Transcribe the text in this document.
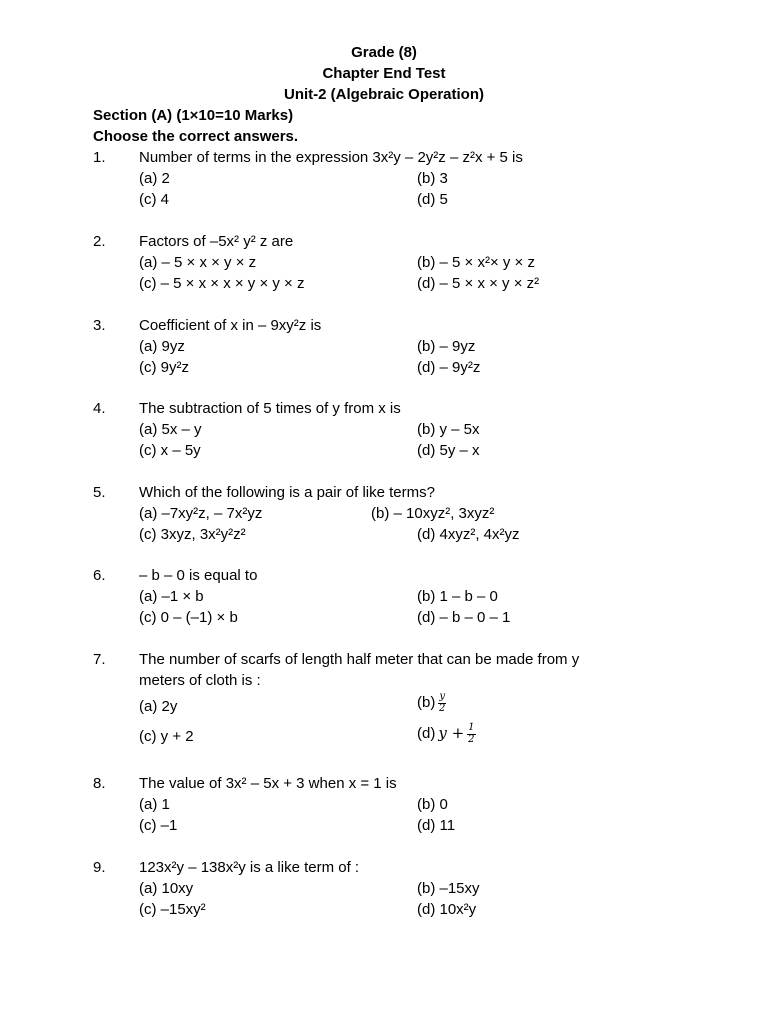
Grade (8)
Chapter End Test
Unit-2 (Algebraic Operation)
Section (A) (1×10=10 Marks)
Choose the correct answers.
1. Number of terms in the expression 3x²y – 2y²z – z²x + 5 is
(a) 2	(b) 3
(c) 4	(d) 5
2. Factors of –5x² y² z are
(a) – 5 × x × y × z	(b) – 5 × x²× y × z
(c) – 5 × x × x × y × y × z	(d) – 5 × x × y × z²
3. Coefficient of x in – 9xy²z is
(a) 9yz	(b) – 9yz
(c) 9y²z	(d) – 9y²z
4. The subtraction of 5 times of y from x is
(a) 5x – y	(b) y – 5x
(c) x – 5y	(d) 5y – x
5. Which of the following is a pair of like terms?
(a) –7xy²z, – 7x²yz	(b) – 10xyz², 3xyz²
(c) 3xyz, 3x²y²z²	(d) 4xyz², 4x²yz
6. – b – 0 is equal to
(a) –1 × b	(b) 1 – b – 0
(c) 0 – (–1) × b	(d) – b – 0 – 1
7. The number of scarfs of length half meter that can be made from y
meters of cloth is :
(a) 2y	$(b) \frac{y}{2}$
(c) y + 2	(d) $y + \frac{1}{2}$
8. The value of 3x² – 5x + 3 when x = 1 is
(a) 1	(b) 0
(c) –1	(d) 11
9. 123x²y – 138x²y is a like term of :
(a) 10xy	(b) –15xy
(c) –15xy²	(d) 10x²y
